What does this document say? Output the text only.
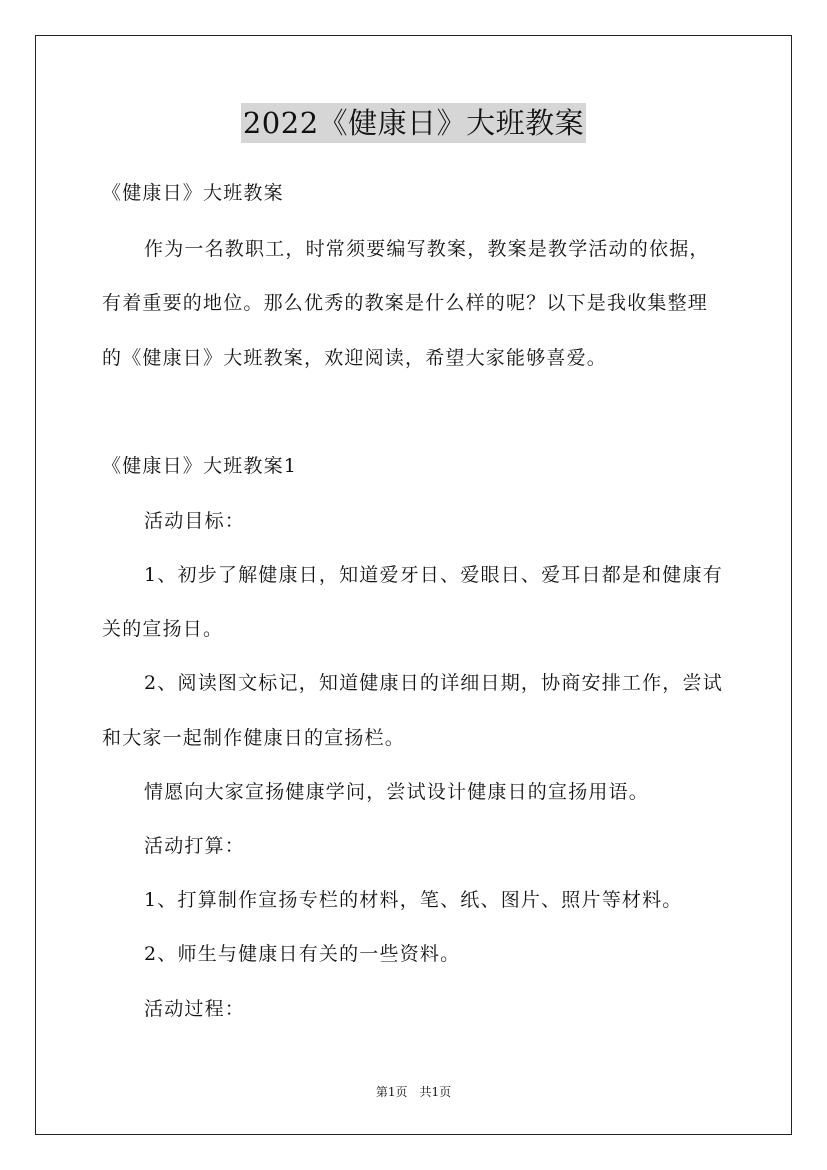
2022《健康日》大班教案
《健康日》大班教案
作为一名教职工，时常须要编写教案，教案是教学活动的依据，
有着重要的地位。那么优秀的教案是什么样的呢？以下是我收集整理
的《健康日》大班教案，欢迎阅读，希望大家能够喜爱。
《健康日》大班教案1
活动目标：
1、初步了解健康日，知道爱牙日、爱眼日、爱耳日都是和健康有
关的宣扬日。
2、阅读图文标记，知道健康日的详细日期，协商安排工作，尝试
和大家一起制作健康日的宣扬栏。
情愿向大家宣扬健康学问，尝试设计健康日的宣扬用语。
活动打算：
1、打算制作宣扬专栏的材料，笔、纸、图片、照片等材料。
2、师生与健康日有关的一些资料。
活动过程：
第1页　共1页
